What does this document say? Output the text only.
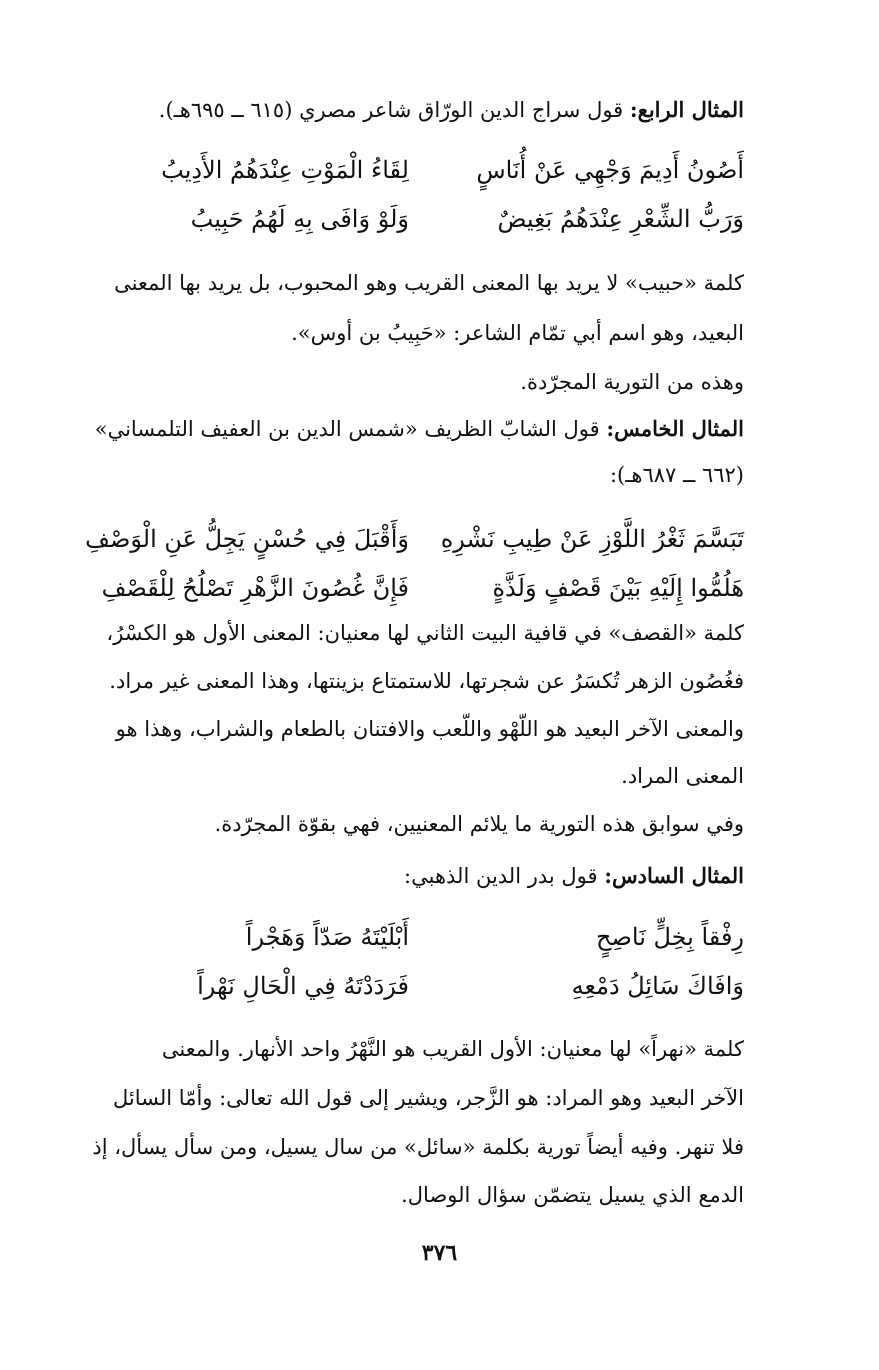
المثال الرابع: قول سراج الدين الورّاق شاعر مصري (٦١٥ ــ ٦٩٥هـ).
أَصُونُ أَدِيمَ وَجْهِي عَنْ أُنَاسٍ
لِقَاءُ الْمَوْتِ عِنْدَهُمُ الأَدِيبُ
وَرَبُّ الشِّعْرِ عِنْدَهُمُ بَغِيضٌ
وَلَوْ وَافَى بِهِ لَهُمُ حَبِيبُ
كلمة «حبيب» لا يريد بها المعنى القريب وهو المحبوب، بل يريد بها المعنى
البعيد، وهو اسم أبي تمّام الشاعر: «حَبِيبُ بن أوس».
وهذه من التورية المجرّدة.
المثال الخامس: قول الشابّ الظريف «شمس الدين بن العفيف التلمساني»
(٦٦٢ ــ ٦٨٧هـ):
تَبَسَّمَ ثَغْرُ اللَّوْزِ عَنْ طِيبِ نَشْرِهِ
وَأَقْبَلَ فِي حُسْنٍ يَجِلُّ عَنِ الْوَصْفِ
هَلُمُّوا إِلَيْهِ بَيْنَ قَصْفٍ وَلَذَّةٍ
فَإِنَّ غُصُونَ الزَّهْرِ تَصْلُحُ لِلْقَصْفِ
كلمة «القصف» في قافية البيت الثاني لها معنيان: المعنى الأول هو الكسْرُ،
فغُصُون الزهر تُكسَرُ عن شجرتها، للاستمتاع بزينتها، وهذا المعنى غير مراد.
والمعنى الآخر البعيد هو اللّهْو واللّعب والافتنان بالطعام والشراب، وهذا هو
المعنى المراد.
وفي سوابق هذه التورية ما يلائم المعنيين، فهي بقوّة المجرّدة.
المثال السادس: قول بدر الدين الذهبي:
رِفْقاً بِخِلٍّ نَاصِحٍ
أَبْلَيْتَهُ صَدّاً وَهَجْراً
وَافَاكَ سَائِلُ دَمْعِهِ
فَرَدَدْتَهُ فِي الْحَالِ نَهْراً
كلمة «نهراً» لها معنيان: الأول القريب هو النَّهْرُ واحد الأنهار. والمعنى
الآخر البعيد وهو المراد: هو الزَّجر، ويشير إلى قول الله تعالى: وأمّا السائل
فلا تنهر. وفيه أيضاً تورية بكلمة «سائل» من سال يسيل، ومن سأل يسأل، إذ
الدمع الذي يسيل يتضمّن سؤال الوصال.
٣٧٦
